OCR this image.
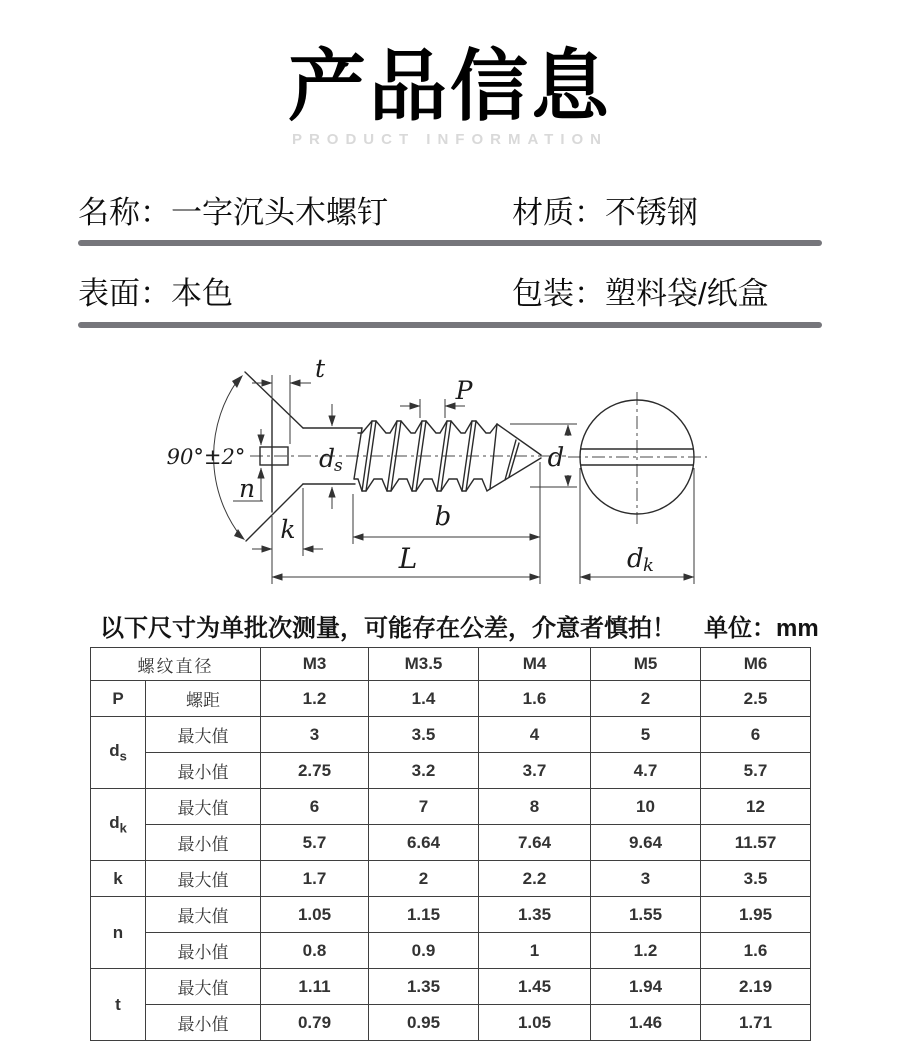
产品信息
PRODUCT INFORMATION
名称：一字沉头木螺钉	材质：不锈钢
表面：本色	包装：塑料袋/纸盒
90°±2°
t
P
d
s
n
k
d
b
L	d k
以下尺寸为单批次测量，可能存在公差，介意者慎拍！ 单位：mm
螺纹直径		M3	M3.5	M4	M5	M6
P	螺距	1.2	1.4	1.6	2	2.5
$d_s$	最大值	3	3.5	4	5	6
	最小值	2.75	3.2	3.7	4.7	5.7
$d_k$	最大值	6	7	8	10	12
	最小值	5.7	6.64	7.64	9.64	11.57
k	最大值	1.7	2	2.2	3	3.5
n	最大值	1.05	1.15	1.35	1.55	1.95
	最小值	0.8	0.9	1	1.2	1.6
t	最大值	1.11	1.35	1.45	1.94	2.19
	最小值	0.79	0.95	1.05	1.46	1.71
